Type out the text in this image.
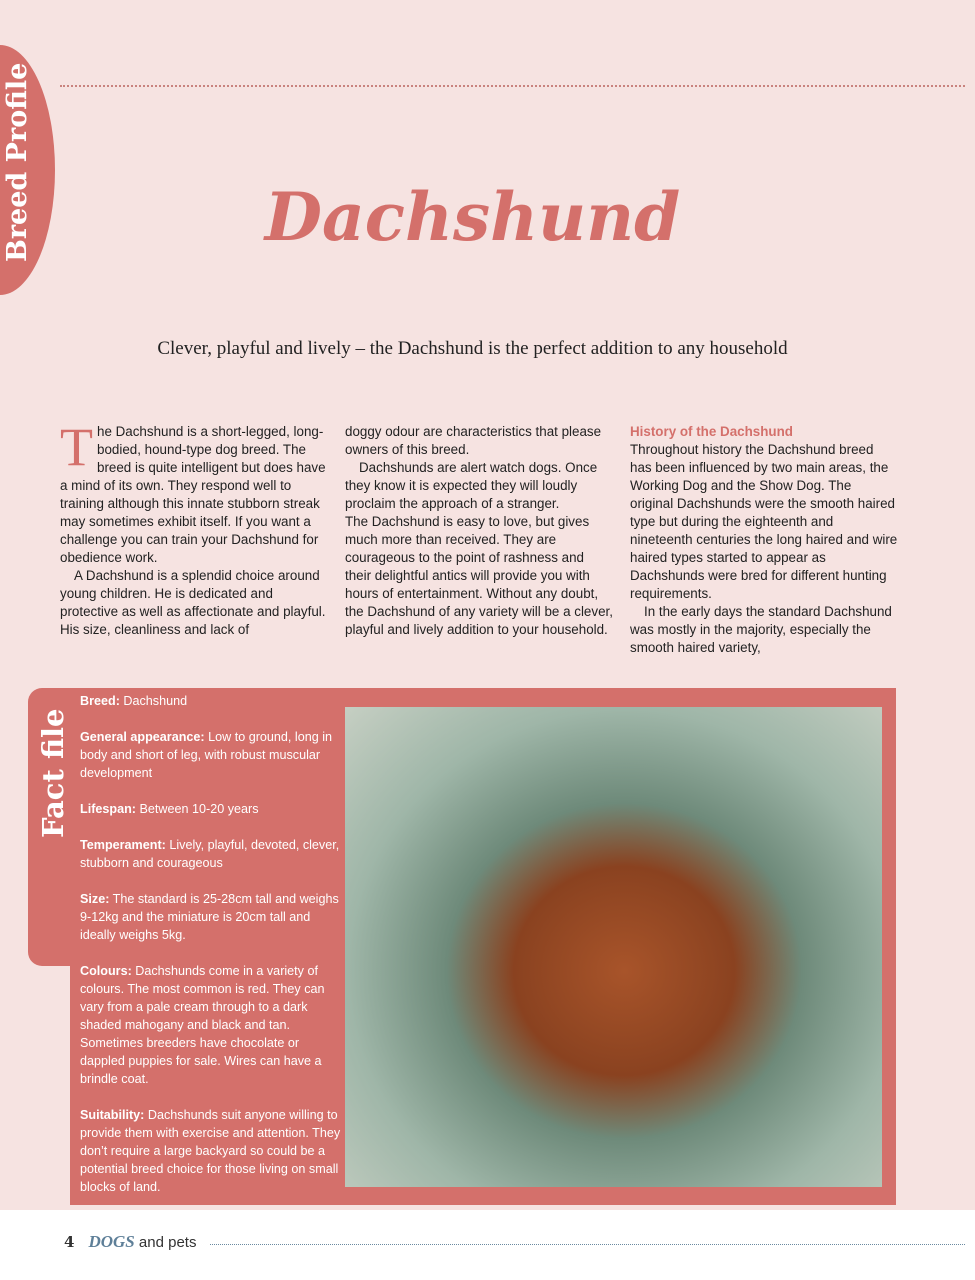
Breed Profile	Dachshund
Clever, playful and lively – the Dachshund is the perfect addition to any household

The Dachshund is a short-legged, long-bodied, hound-type dog breed. The breed is quite intelligent but does have a mind of its own. They respond well to training although this innate stubborn streak may sometimes exhibit itself. If you want a challenge you can train your Dachshund for obedience work.

A Dachshund is a splendid choice around young children. He is dedicated and protective as well as affectionate and playful. His size, cleanliness and lack of

doggy odour are characteristics that please owners of this breed.

Dachshunds are alert watch dogs. Once they know it is expected they will loudly proclaim the approach of a stranger.

The Dachshund is easy to love, but gives much more than received. They are courageous to the point of rashness and their delightful antics will provide you with hours of entertainment. Without any doubt, the Dachshund of any variety will be a clever, playful and lively addition to your household.

History of the Dachshund

Throughout history the Dachshund breed has been influenced by two main areas, the Working Dog and the Show Dog. The original Dachshunds were the smooth haired type but during the eighteenth and nineteenth centuries the long haired and wire haired types started to appear as Dachshunds were bred for different hunting requirements.

In the early days the standard Dachshund was mostly in the majority, especially the smooth haired variety,

Fact file

Breed: Dachshund

General appearance: Low to ground, long in body and short of leg, with robust muscular development

Lifespan: Between 10-20 years

Temperament: Lively, playful, devoted, clever, stubborn and courageous

Size: The standard is 25-28cm tall and weighs 9-12kg and the miniature is 20cm tall and ideally weighs 5kg.

Colours: Dachshunds come in a variety of colours. The most common is red. They can vary from a pale cream through to a dark shaded mahogany and black and tan. Sometimes breeders have chocolate or dappled puppies for sale. Wires can have a brindle coat.

Suitability: Dachshunds suit anyone willing to provide them with exercise and attention. They don’t require a large backyard so could be a potential breed choice for those living on small blocks of land.

4 DOGS and pets
